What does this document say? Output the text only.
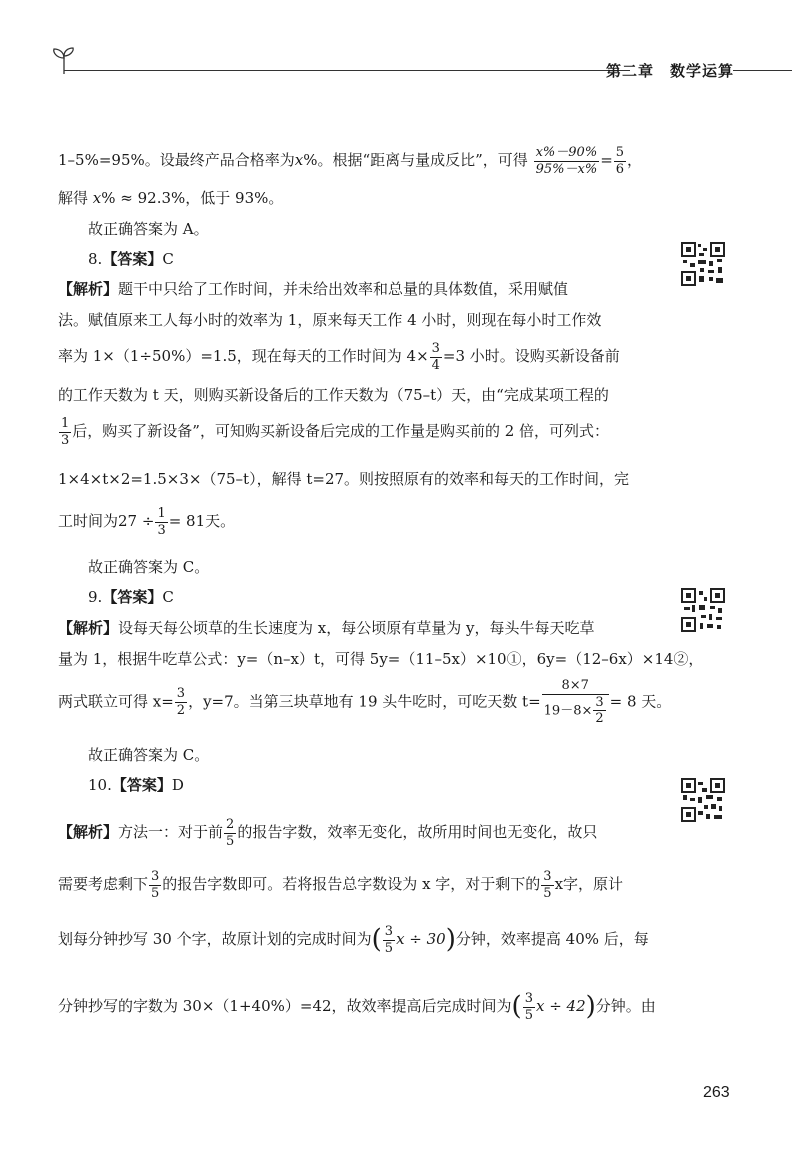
第二章　数学运算
1–5%=95%。设最终产品合格率为x%。根据“距离与量成反比”，可得 $\frac{x\%-90\%}{95\%-x\%} = \frac{5}{6}$ ，
解得 x% ≈ 92.3%，低于 93%。
故正确答案为 A。
8.【答案】C
【解析】题干中只给了工作时间，并未给出效率和总量的具体数值，采用赋值
法。赋值原来工人每小时的效率为 1，原来每天工作 4 小时，则现在每小时工作效
率为 1×（1÷50%）=1.5，现在每天的工作时间为 $4\times \frac{3}{4} =3$ 小时。设购买新设备前
的工作天数为 t 天，则购买新设备后的工作天数为（75–t）天，由“完成某项工程的
$\frac{1}{3}$ 后，购买了新设备”，可知购买新设备后完成的工作量是购买前的 2 倍，可列式：
1×4×t×2=1.5×3×（75–t），解得 t=27。则按照原有的效率和每天的工作时间，完
工时间为$27 \div \frac{1}{3} = 81$天。
故正确答案为 C。
9.【答案】C
【解析】设每天每公顷草的生长速度为 x，每公顷原有草量为 y，每头牛每天吃草
量为 1，根据牛吃草公式：y=（n–x）t，可得 5y=（11–5x）×10①，6y=（12–6x）×14②，
两式联立可得 $x= \frac{3}{2}$ ，y=7。当第三块草地有 19 头牛吃时，可吃天数 $t= \frac{8\times 7}{19-8\times \frac{3}{2}} = 8$ 天。
故正确答案为 C。
10.【答案】D
【解析】方法一：对于前 $\frac{2}{5}$ 的报告字数，效率无变化，故所用时间也无变化，故只
需要考虑剩下 $\frac{3}{5}$ 的报告字数即可。若将报告总字数设为 x 字，对于剩下的 $\frac{3}{5}$ x字，原计
划每分钟抄写 30 个字，故原计划的完成时间为( $\frac{3}{5}$ x ÷ 30)分钟，效率提高 40% 后，每
分钟抄写的字数为 30×（1+40%）=42，故效率提高后完成时间为( $\frac{3}{5}$ x ÷ 42)分钟。由
263
